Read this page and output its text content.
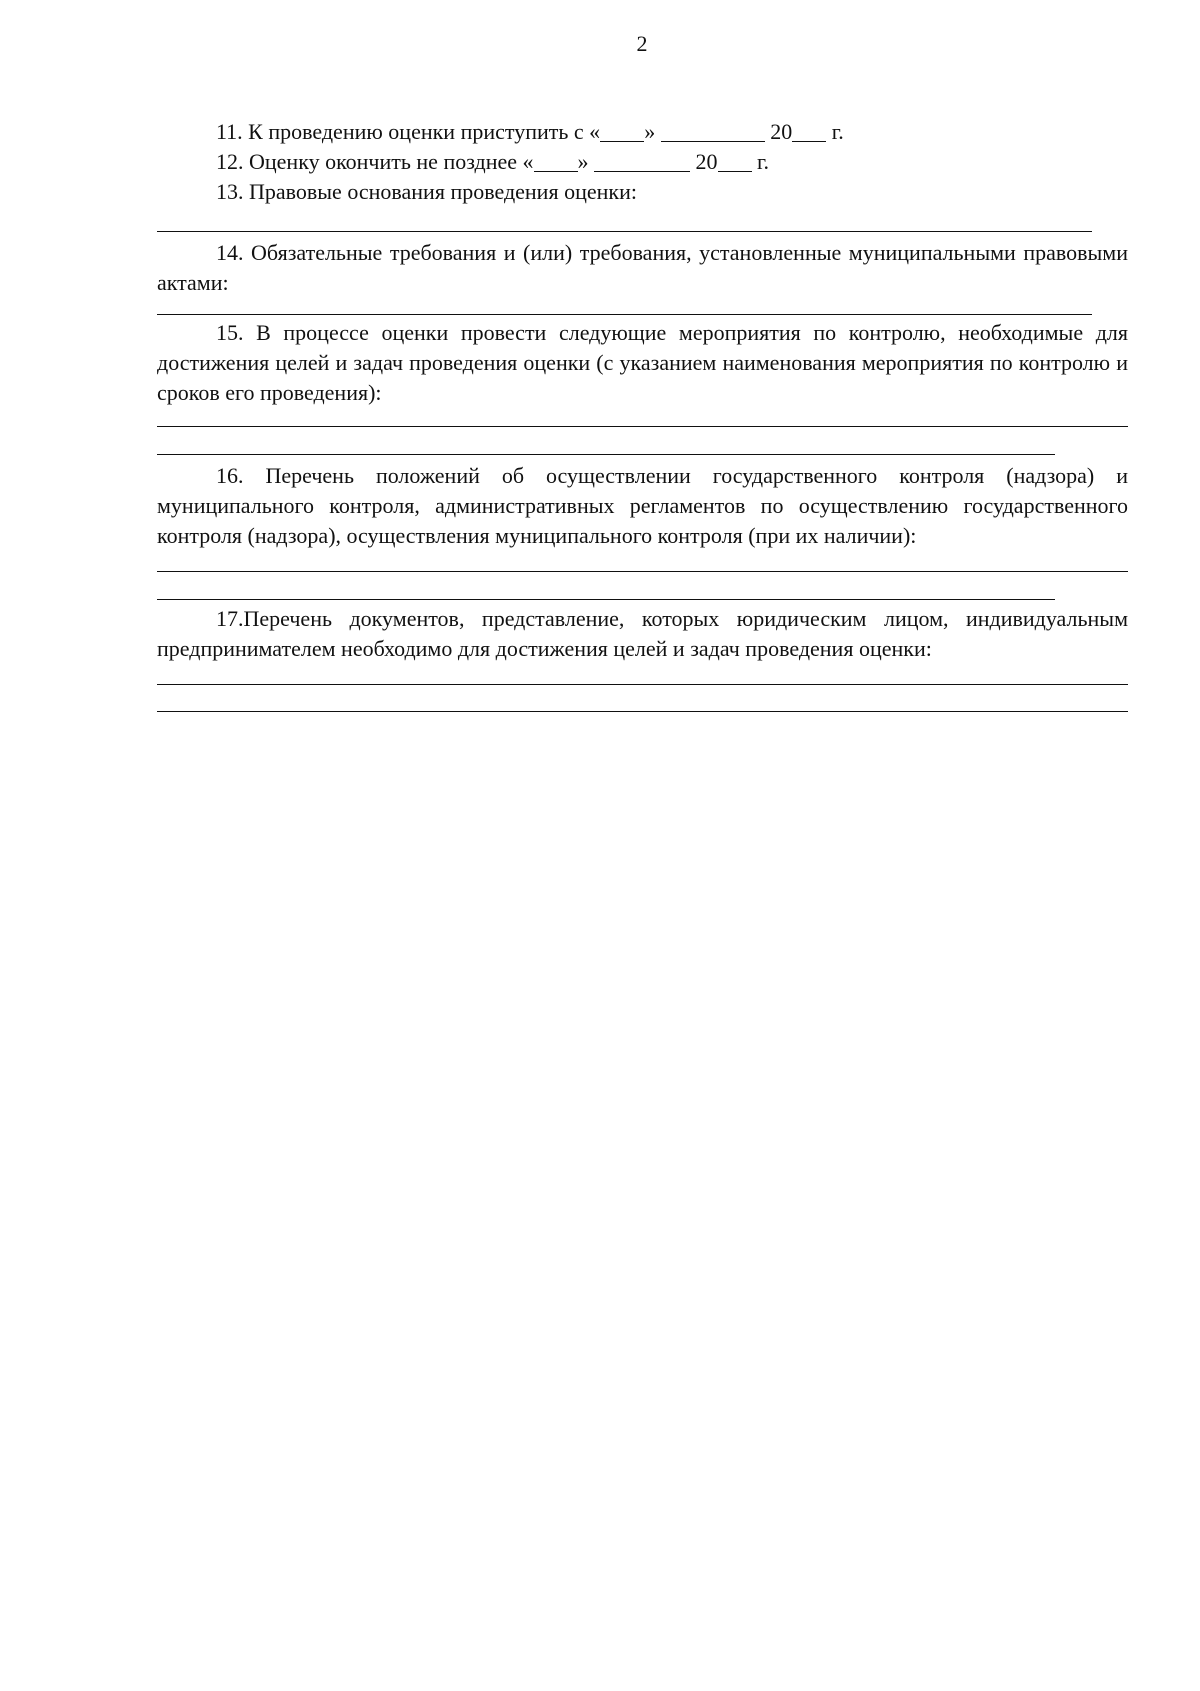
2
11. К проведению оценки приступить с « »	20 г.
12. Оценку окончить не позднее « »	20 г.
13. Правовые основания проведения оценки:
14. Обязательные требования и (или) требования, установленные муниципальными правовыми актами:
15. В процессе оценки провести следующие мероприятия по контролю, необходимые для достижения целей и задач проведения оценки (с указанием наименования мероприятия по контролю и сроков его проведения):
16. Перечень положений об осуществлении государственного контроля (надзора) и муниципального контроля, административных регламентов по осуществлению государственного контроля (надзора), осуществления муниципального контроля (при их наличии):
17.Перечень документов, представление, которых юридическим лицом, индивидуальным предпринимателем необходимо для достижения целей и задач проведения оценки:
